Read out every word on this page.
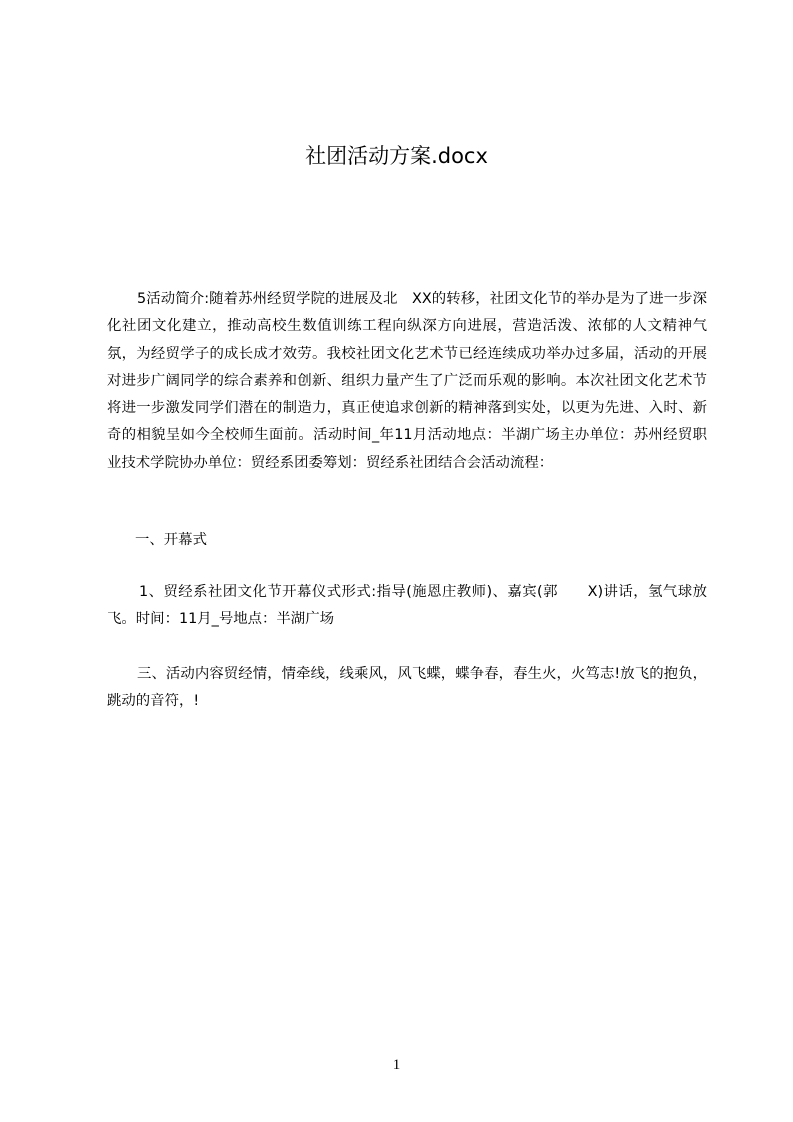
社团活动方案.docx
5活动简介:随着苏州经贸学院的进展及北　XX的转移，社团文化节的举办是为了进一步深化社团文化建立，推动高校生数值训练工程向纵深方向进展，营造活泼、浓郁的人文精神气氛，为经贸学子的成长成才效劳。我校社团文化艺术节已经连续成功举办过多届，活动的开展对进步广阔同学的综合素养和创新、组织力量产生了广泛而乐观的影响。本次社团文化艺术节将进一步激发同学们潜在的制造力，真正使追求创新的精神落到实处，以更为先进、入时、新奇的相貌呈如今全校师生面前。活动时间_年11月活动地点：半湖广场主办单位：苏州经贸职业技术学院协办单位：贸经系团委筹划：贸经系社团结合会活动流程：
一、开幕式
1、贸经系社团文化节开幕仪式形式:指导(施恩庄教师)、嘉宾(郭　　X)讲话，氢气球放飞。时间：11月_号地点：半湖广场
三、活动内容贸经情，情牵线，线乘风，风飞蝶，蝶争春，春生火，火笃志!放飞的抱负，跳动的音符，!
1
